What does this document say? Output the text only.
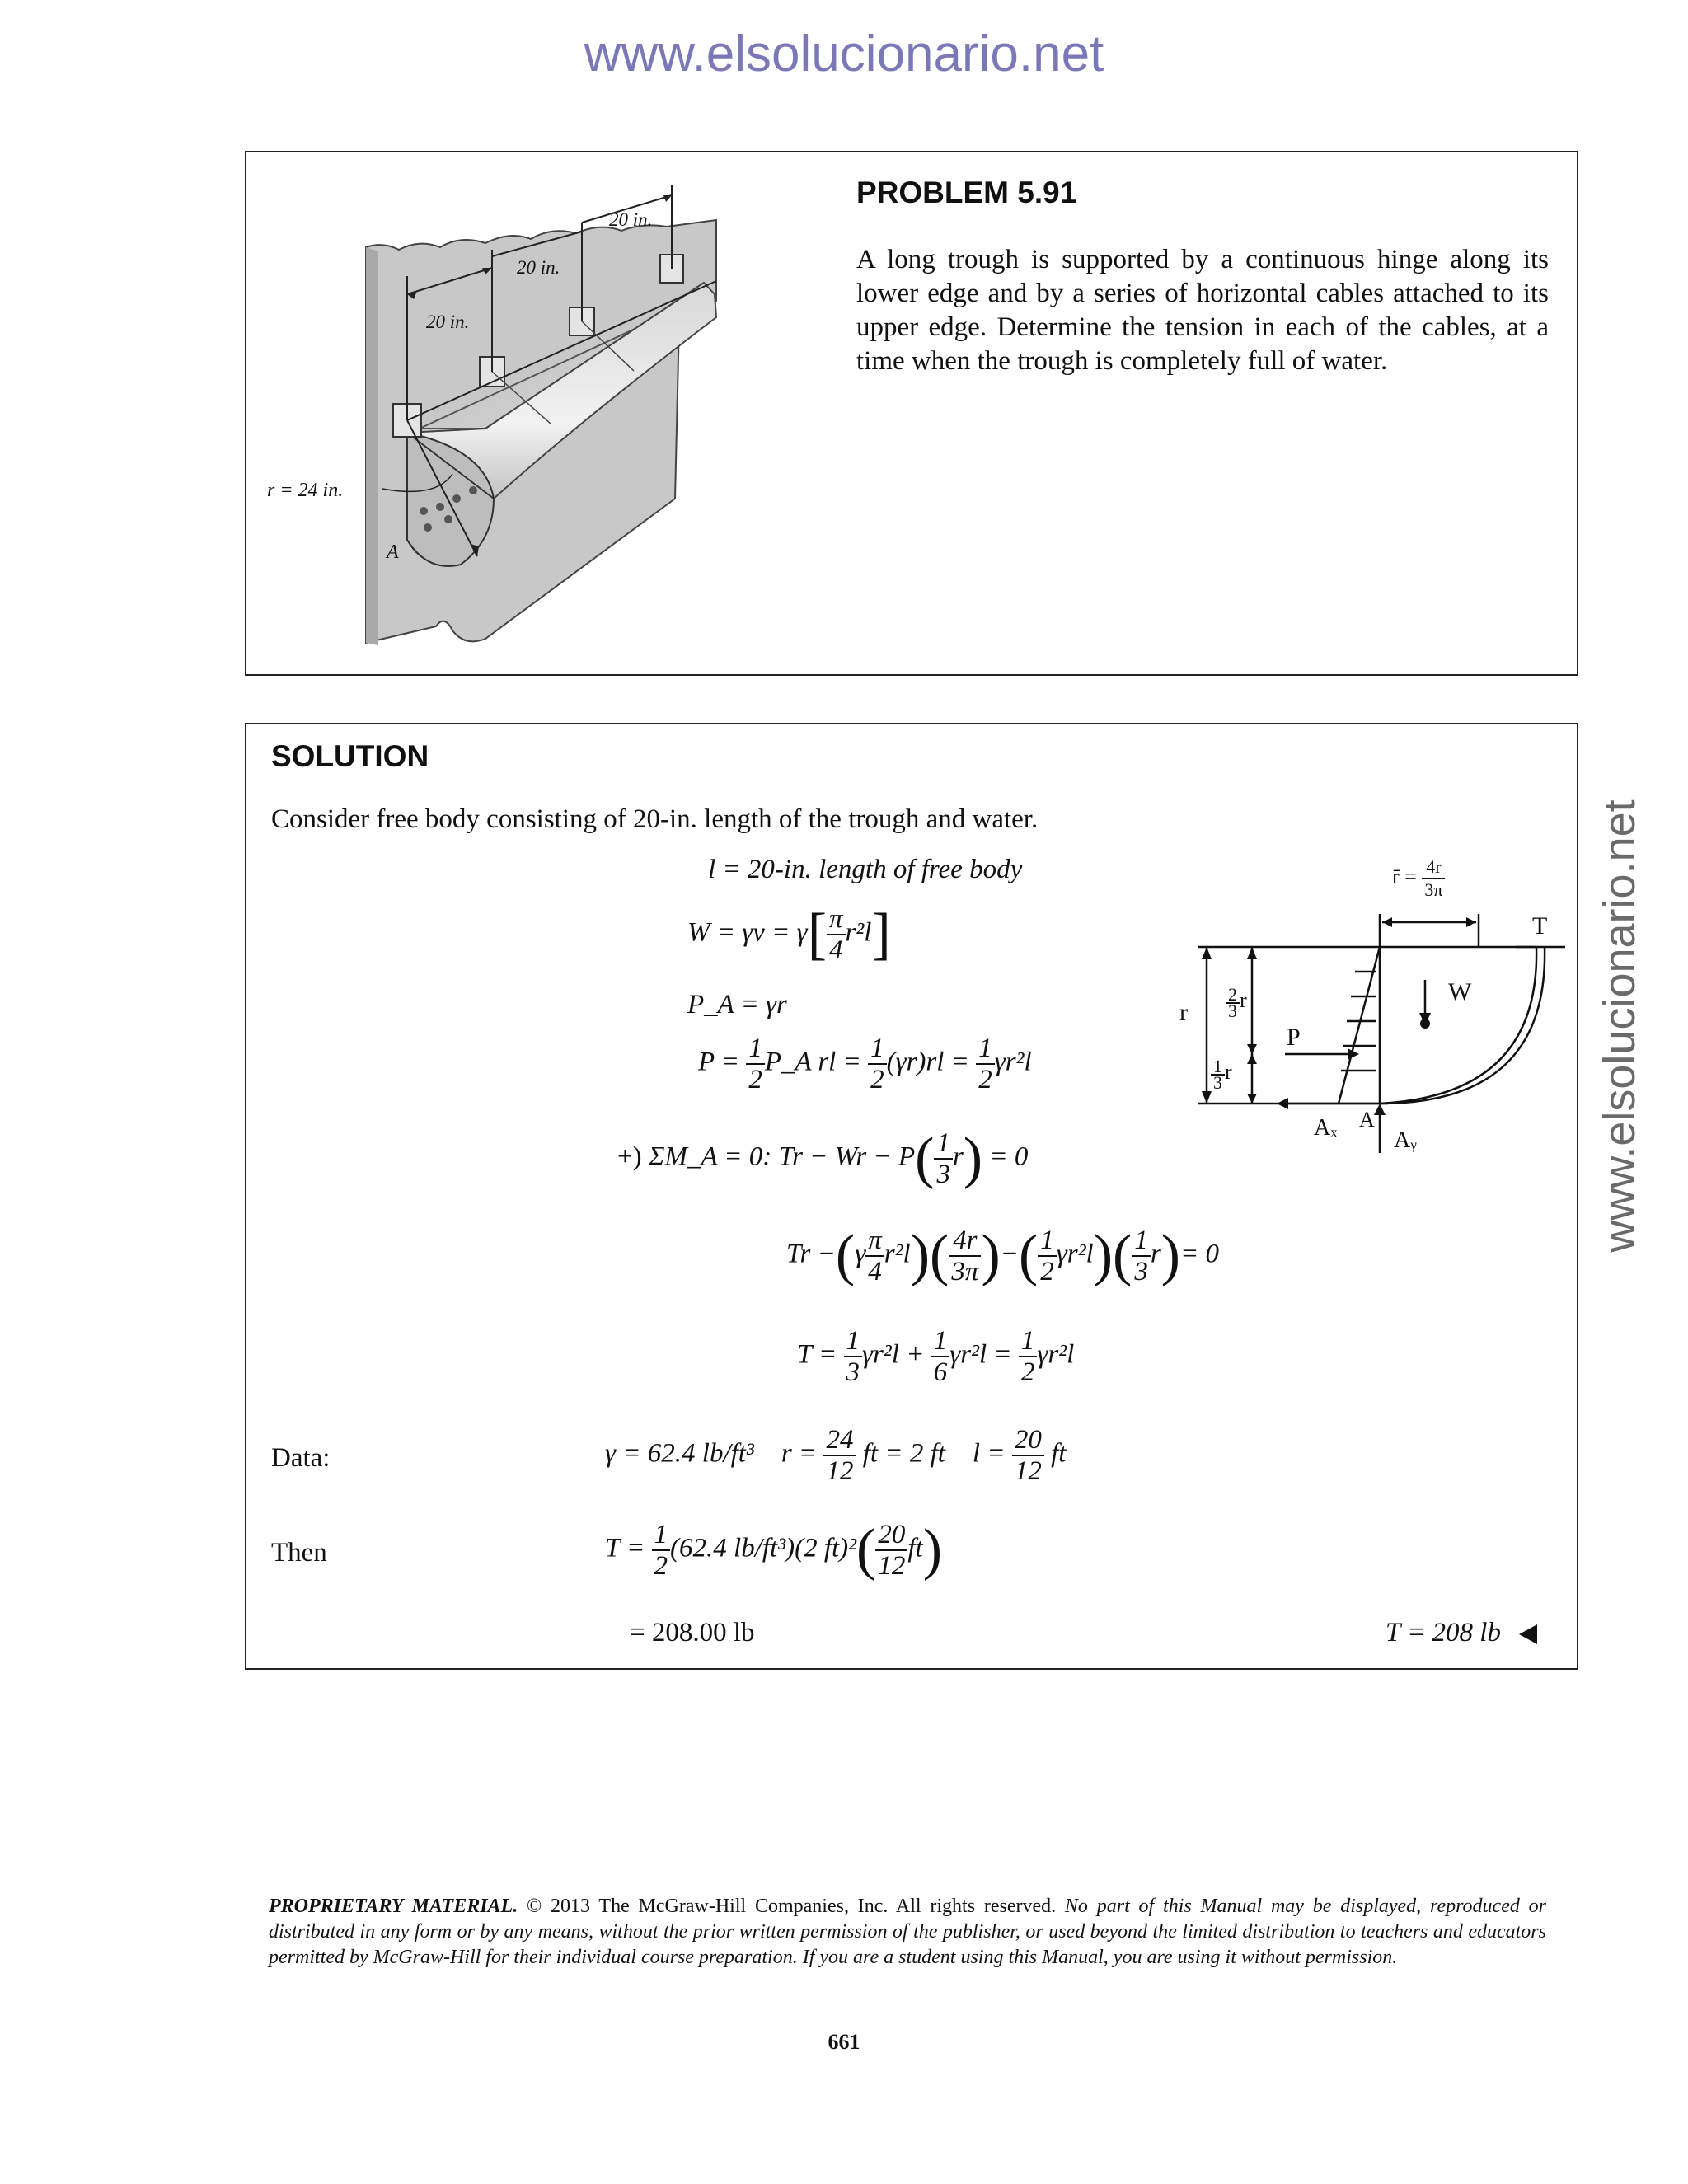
www.elsolucionario.net
www.elsolucionario.net
20 in.
20 in.
20 in.
r = 24 in.
A
PROBLEM 5.91
A long trough is supported by a continuous hinge along its lower edge and by a series of horizontal cables attached to its upper edge. Determine the tension in each of the cables, at a time when the trough is completely full of water.
SOLUTION
Consider free body consisting of 20-in. length of the trough and water.
l = 20-in. length of free body
$W = \gamma v = \gamma[ \frac{\pi}{4} r^2l]$
P_A = γr
$P = \frac{1}{2}$ P_A rl = $\frac{1}{2} (\gamma r)rl = \frac{1}{2} \gamma r^2l$
+) ΣM_A = 0: $Tr - Wr - P( \frac{1}{3} r) = 0$
$Tr -(\gamma \frac{\pi}{4} r^2l)( \frac{4r}{3\pi}$ )−( $\frac{1}{2} \gamma r^2l)( \frac{1}{3} r)= 0$
$T = \frac{1}{3} \gamma r^2l + \frac{1}{6} \gamma r^2l = \frac{1}{2} \gamma r^2l$
Data:	γ = 62.4 lb/ft³ $r = \frac{24}{12}$ ft = 2 ft $l = \frac{20}{12}$ ft
Then	$T = \frac{1}{2} (62.4$ lb/ft³)(2 $ft)^2( \frac{20}{12} ft)$
= 208.00 lb	T = 208 lb
r̄ = $\frac{4r}{3\pi}$
T
W
P
r $\frac{2}{3}$ r
$\frac{1}{3}$ r
A
Aₓ Aᵧ
PROPRIETARY MATERIAL. © 2013 The McGraw-Hill Companies, Inc. All rights reserved. No part of this Manual may be displayed, reproduced or distributed in any form or by any means, without the prior written permission of the publisher, or used beyond the limited distribution to teachers and educators permitted by McGraw-Hill for their individual course preparation. If you are a student using this Manual, you are using it without permission.
661
